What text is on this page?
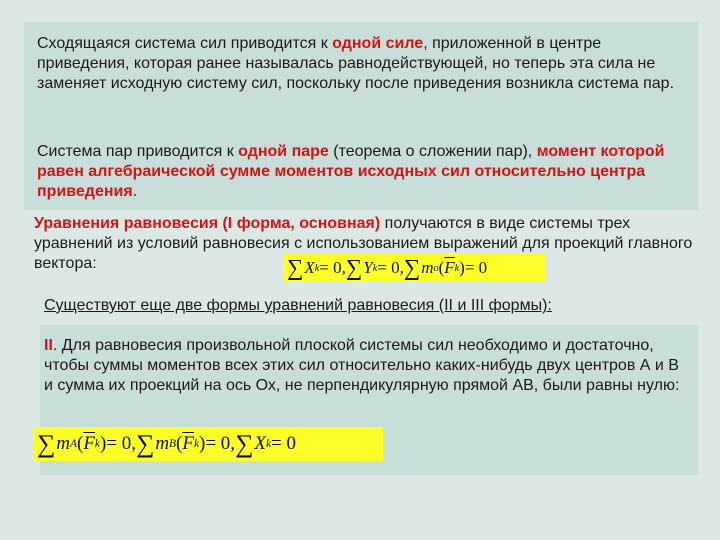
Сходящаяся система сил приводится к одной силе, приложенной в центре приведения, которая ранее называлась равнодействующей, но теперь эта сила не заменяет исходную систему сил, поскольку после приведения возникла система пар.

Система пар приводится к одной паре (теорема о сложении пар), момент которой равен алгебраической сумме моментов исходных сил относительно центра приведения.

Уравнения равновесия (I форма, основная) получаются в виде системы трех уравнений из условий равновесия с использованием выражений для проекций главного вектора:	∑ X k = 0, ∑ Y k = 0, ∑ m o ( $\overline{F}$ k ) = 0

Существуют еще две формы уравнений равновесия (II и III формы):

II. Для равновесия произвольной плоской системы сил необходимо и достаточно, чтобы суммы моментов всех этих сил относительно каких-нибудь двух центров А и В и сумма их проекций на ось Ох, не перпендикулярную прямой АВ, были равны нулю:

∑ m A ( $\overline{F}$ k ) = 0, ∑ m B ( $\overline{F}$ k ) = 0, ∑ X k = 0
